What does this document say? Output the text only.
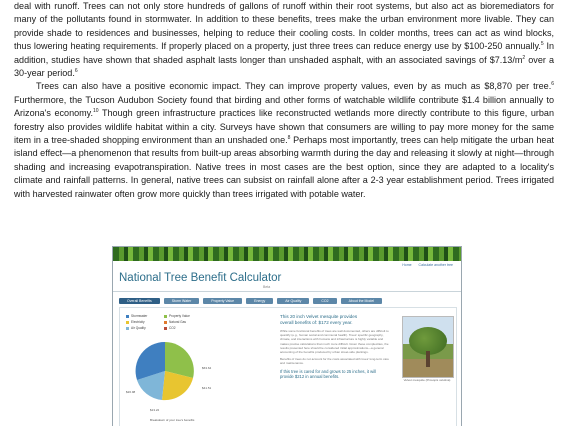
deal with runoff. Trees can not only store hundreds of gallons of runoff within their root systems, but also act as bioremediators for many of the pollutants found in stormwater. In addition to these benefits, trees make the urban environment more livable. They can provide shade to residences and businesses, helping to reduce their cooling costs. In colder months, trees can act as wind blocks, thus lowering heating requirements. If properly placed on a property, just three trees can reduce energy use by $100-250 annually.$^5$ In addition, studies have shown that shaded asphalt lasts longer than unshaded asphalt, with an associated savings of $\$7.13/m^2$ over a 30-year period.$^6$

Trees can also have a positive economic impact. They can improve property values, even by as much as $8,870 per tree.$^6$ Furthermore, the Tucson Audubon Society found that birding and other forms of watchable wildlife contribute $1.4 billion annually to Arizona's economy.$^{10}$ Though green infrastructure practices like reconstructed wetlands more directly contribute to this figure, urban forestry also provides wildlife habitat within a city. Surveys have shown that consumers are willing to pay more money for the same item in a tree-shaded shopping environment than an unshaded one.$^8$ Perhaps most importantly, trees can help mitigate the urban heat island effect—a phenomenon that results from built-up areas absorbing warmth during the day and releasing it slowly at night—through shading and increasing evapotranspiration. Native trees in most cases are the best option, since they are adapted to a locality's climate and rainfall patterns. In general, native trees can subsist on rainfall alone after a 2-3 year establishment period. Trees irrigated with harvested rainwater often grow more quickly than trees irrigated with potable water.

National Tree Benefit Calculator
Beta
Home Calculate another tree
Overall Benefits	Storm Water	Property Value	Energy	Air Quality	CO2	About the Model
Stormwater	Property Value
Electricity	Natural Gas
Air Quality	CO2
$63.64
$41.51
$13.22
$26.98
Breakdown of your tree's benefits
This 20 inch Velvet mesquite provides
overall benefits of: $172 every year.
While some functional benefits of trees are well documented, others are difficult to quantify (e.g., human social and communal health). Trees' specific geography, climate, and interactions with humans and infrastructure is highly variable and makes precise calculations that much more difficult. Given these complexities, the results presented here should be considered initial approximations—a general accounting of the benefits produced by urban street-side plantings.
Benefits of trees do not account for the costs associated with trees' long-term care and maintenance.
If this tree is cared for and grows to 25 inches, it will provide $212 in annual benefits.
Velvet mesquite (Prosopis velutina)
